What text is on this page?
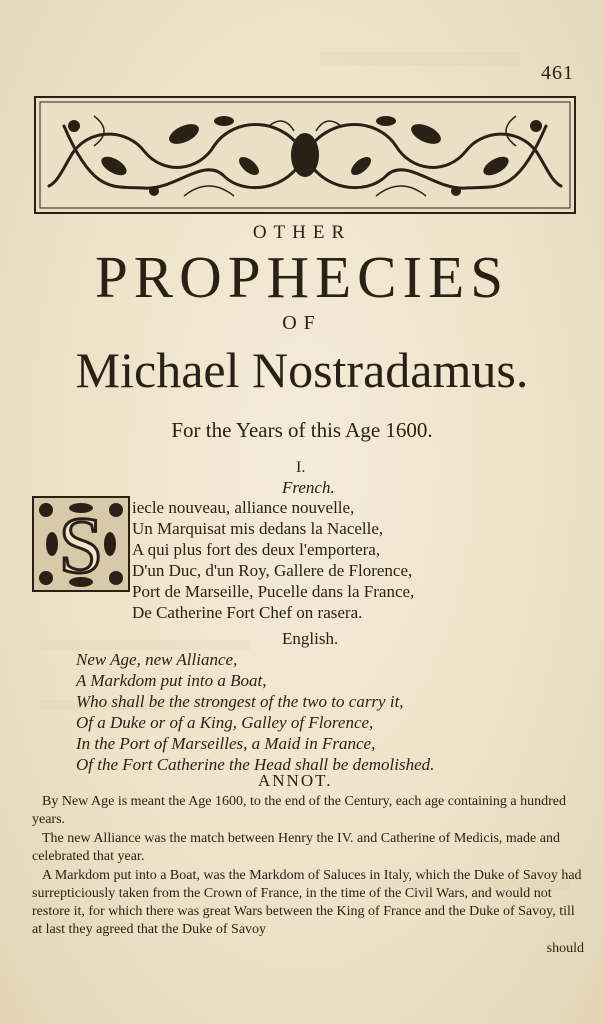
461
OTHER
PROPHECIES
OF
Michael Nostradamus.
For the Years of this Age 1600.
I.
French.
S iecle nouveau, alliance nouvelle,
Un Marquisat mis dedans la Nacelle,
A qui plus fort des deux l'emportera,
D'un Duc, d'un Roy, Gallere de Florence,
Port de Marseille, Pucelle dans la France,
De Catherine Fort Chef on rasera.
English.
New Age, new Alliance,
A Markdom put into a Boat,
Who shall be the strongest of the two to carry it,
Of a Duke or of a King, Galley of Florence,
In the Port of Marseilles, a Maid in France,
Of the Fort Catherine the Head shall be demolished.
ANNOT.
By New Age is meant the Age 1600, to the end of the Century, each age containing a hundred years.
The new Alliance was the match between Henry the IV. and Catherine of Medicis, made and celebrated that year.
A Markdom put into a Boat, was the Markdom of Saluces in Italy, which the Duke of Savoy had surrepticiously taken from the Crown of France, in the time of the Civil Wars, and would not restore it, for which there was great Wars between the King of France and the Duke of Savoy, till at last they agreed that the Duke of Savoy
should
